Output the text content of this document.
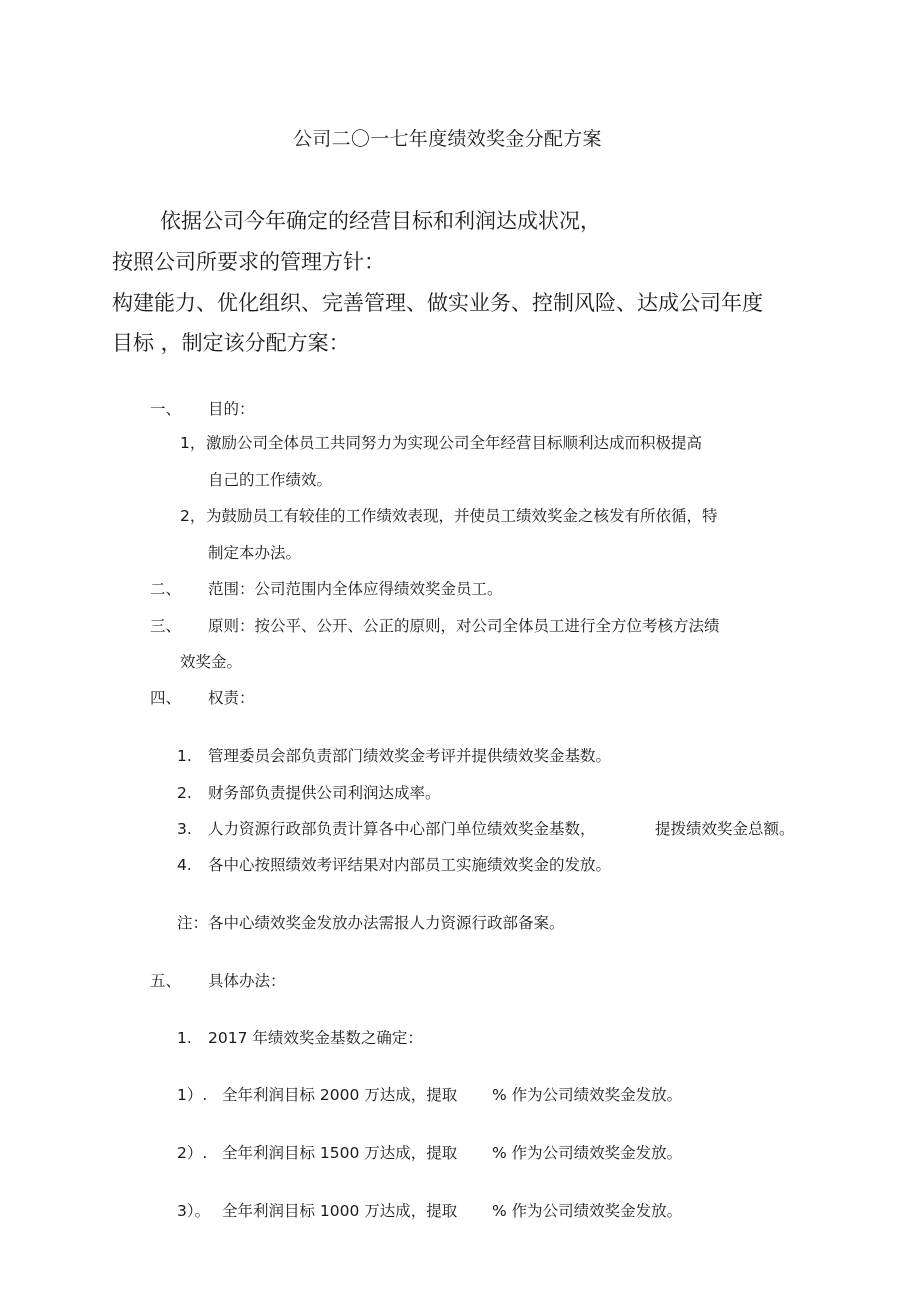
公司二〇一七年度绩效奖金分配方案
依据公司今年确定的经营目标和利润达成状况，
按照公司所要求的管理方针：
构建能力、优化组织、完善管理、做实业务、控制风险、达成公司年度
目标 ，制定该分配方案：
一、 目的：
1， 激励公司全体员工共同努力为实现公司全年经营目标顺利达成而积极提高
自己的工作绩效。
2， 为鼓励员工有较佳的工作绩效表现，并使员工绩效奖金之核发有所依循，特
制定本办法。
二、 范围：公司范围内全体应得绩效奖金员工。
三、 原则：按公平、公开、公正的原则，对公司全体员工进行全方位考核方法绩
效奖金。
四、 权责：
1. 管理委员会部负责部门绩效奖金考评并提供绩效奖金基数。
2. 财务部负责提供公司利润达成率。
3. 人力资源行政部负责计算各中心部门单位绩效奖金基数，	提拨绩效奖金总额。
4. 各中心按照绩效考评结果对内部员工实施绩效奖金的发放。
注：各中心绩效奖金发放办法需报人力资源行政部备案。
五、 具体办法：
1. 2017 年绩效奖金基数之确定：
1）. 全年利润目标 2000 万达成，提取 % 作为公司绩效奖金发放。
2）. 全年利润目标 1500 万达成，提取 % 作为公司绩效奖金发放。
3）。 全年利润目标 1000 万达成，提取 % 作为公司绩效奖金发放。
